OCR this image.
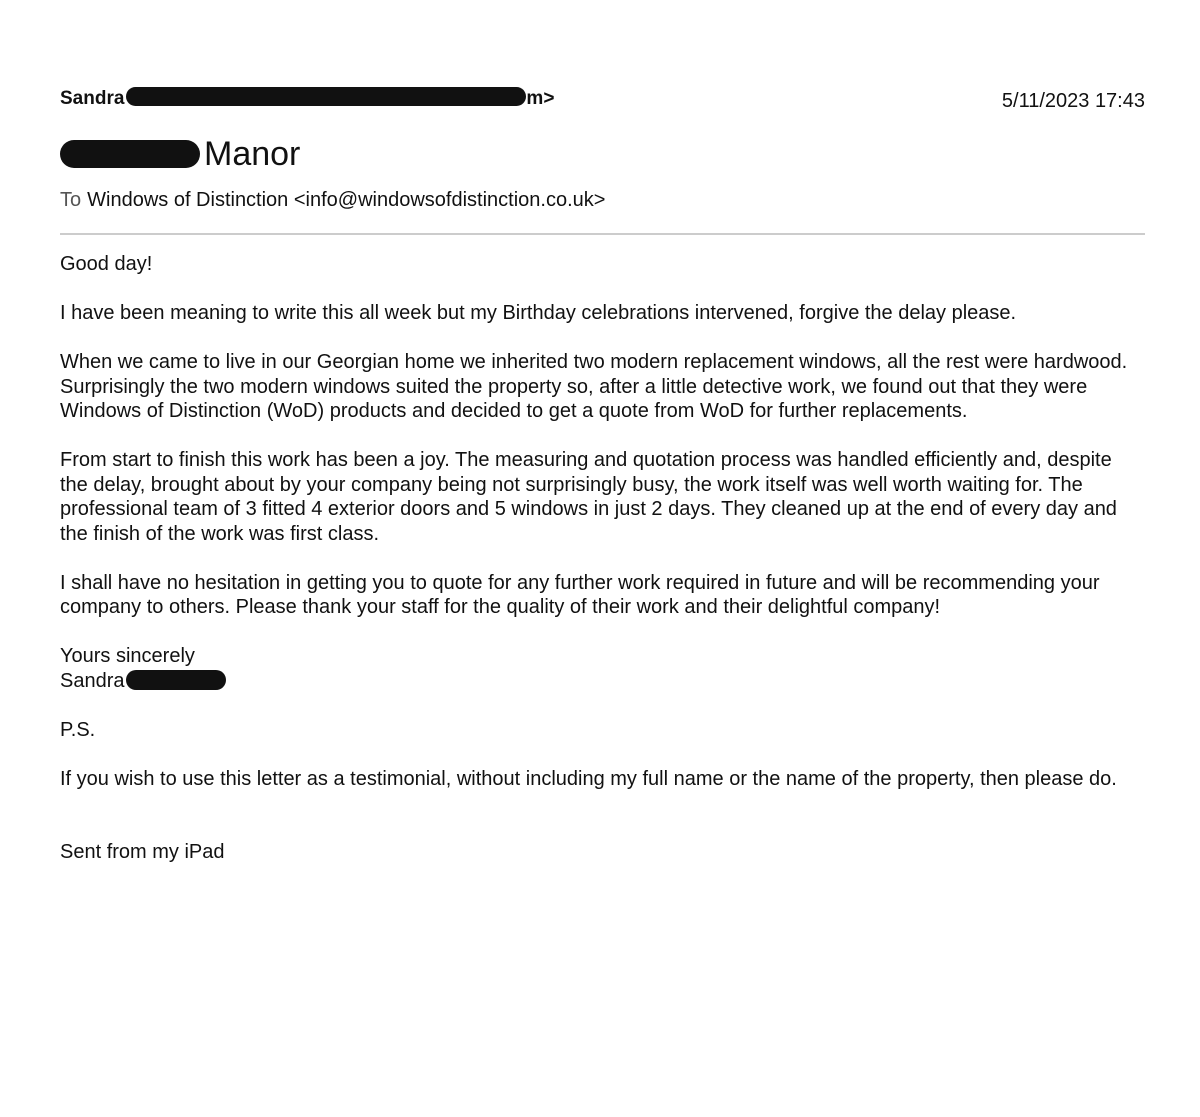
Sandra	m>	5/11/2023 17:43
Manor
To Windows of Distinction <info@windowsofdistinction.co.uk>

Good day!

I have been meaning to write this all week but my Birthday celebrations intervened, forgive the delay please.

When we came to live in our Georgian home we inherited two modern replacement windows, all the rest were hardwood. Surprisingly the two modern windows suited the property so, after a little detective work, we found out that they were Windows of Distinction (WoD) products and decided to get a quote from WoD for further replacements.

From start to finish this work has been a joy. The measuring and quotation process was handled efficiently and, despite the delay, brought about by your company being not surprisingly busy, the work itself was well worth waiting for. The professional team of 3 fitted 4 exterior doors and 5 windows in just 2 days. They cleaned up at the end of every day and the finish of the work was first class.

I shall have no hesitation in getting you to quote for any further work required in future and will be recommending your company to others. Please thank your staff for the quality of their work and their delightful company!

Yours sincerely
Sandra

P.S.

If you wish to use this letter as a testimonial, without including my full name or the name of the property, then please do.

Sent from my iPad
